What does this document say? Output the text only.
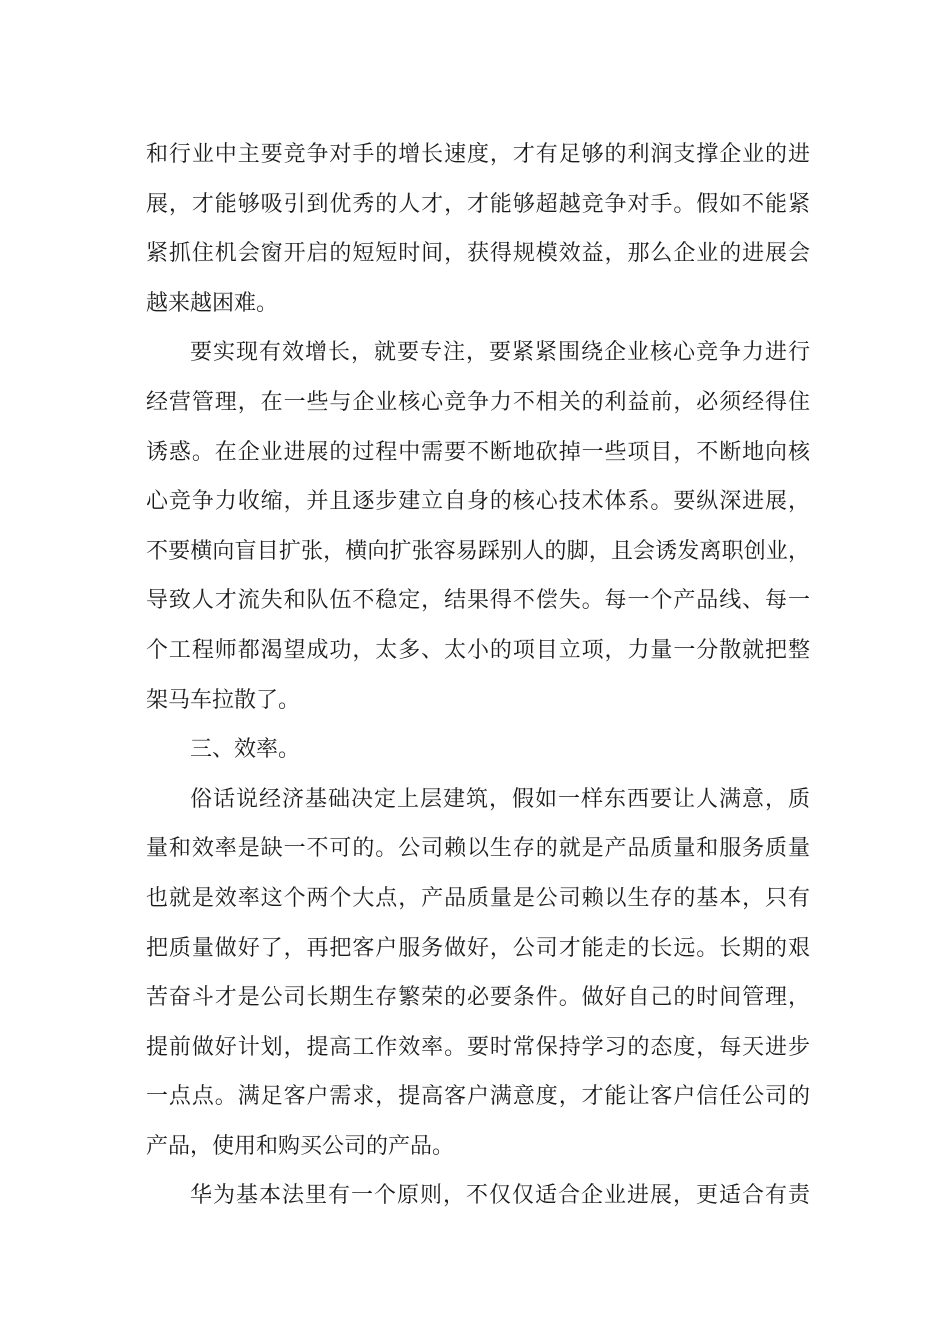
和行业中主要竞争对手的增长速度，才有足够的利润支撑企业的进
展，才能够吸引到优秀的人才，才能够超越竞争对手。假如不能紧
紧抓住机会窗开启的短短时间，获得规模效益，那么企业的进展会
越来越困难。
要实现有效增长，就要专注，要紧紧围绕企业核心竞争力进行
经营管理，在一些与企业核心竞争力不相关的利益前，必须经得住
诱惑。在企业进展的过程中需要不断地砍掉一些项目，不断地向核
心竞争力收缩，并且逐步建立自身的核心技术体系。要纵深进展，
不要横向盲目扩张，横向扩张容易踩别人的脚，且会诱发离职创业，
导致人才流失和队伍不稳定，结果得不偿失。每一个产品线、每一
个工程师都渴望成功，太多、太小的项目立项，力量一分散就把整
架马车拉散了。
三、效率。
俗话说经济基础决定上层建筑，假如一样东西要让人满意，质
量和效率是缺一不可的。公司赖以生存的就是产品质量和服务质量
也就是效率这个两个大点，产品质量是公司赖以生存的基本，只有
把质量做好了，再把客户服务做好，公司才能走的长远。长期的艰
苦奋斗才是公司长期生存繁荣的必要条件。做好自己的时间管理，
提前做好计划，提高工作效率。要时常保持学习的态度，每天进步
一点点。满足客户需求，提高客户满意度，才能让客户信任公司的
产品，使用和购买公司的产品。
华为基本法里有一个原则，不仅仅适合企业进展，更适合有责
